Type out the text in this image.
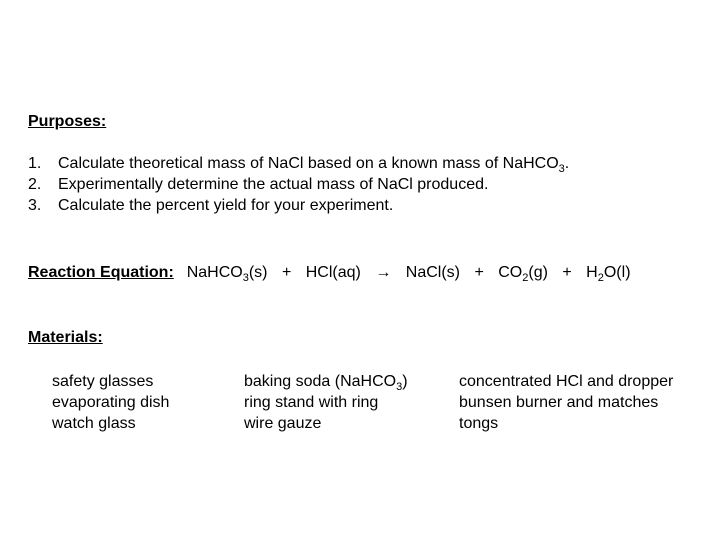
Purposes:
1. Calculate theoretical mass of NaCl based on a known mass of NaHCO$_3$.
2. Experimentally determine the actual mass of NaCl produced.
3. Calculate the percent yield for your experiment.
Reaction Equation: NaHCO$_3$(s) + HCl(aq) → NaCl(s) + $CO_2(g) + H_2O(l)$
Materials:
safety glasses
evaporating dish
watch glass
baking soda (NaHCO$_3$)
ring stand with ring
wire gauze
concentrated HCl and dropper
bunsen burner and matches
tongs
